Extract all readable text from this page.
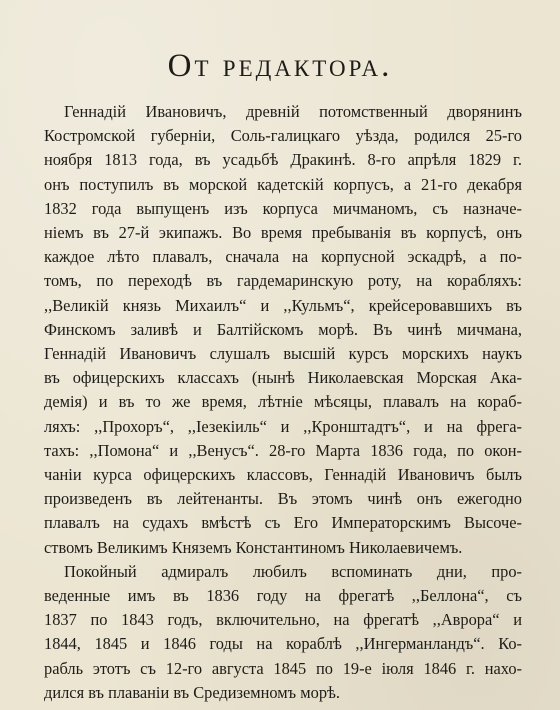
От редактора.
Геннадій Ивановичъ, древній потомственный дворянинъ
Костромской губерніи, Соль-галицкаго уѣзда, родился 25-го
ноября 1813 года, въ усадьбѣ Дракинѣ. 8-го апрѣля 1829 г.
онъ поступилъ въ морской кадетскій корпусъ, а 21-го декабря
1832 года выпущенъ изъ корпуса мичманомъ, съ назначе-
ніемъ въ 27-й экипажъ. Во время пребыванія въ корпусѣ, онъ
каждое лѣто плавалъ, сначала на корпусной эскадрѣ, а по-
томъ, по переходѣ въ гардемаринскую роту, на корабляхъ:
,,Великій князь Михаилъ“ и ,,Кульмъ“, крейсеровавшихъ въ
Финскомъ заливѣ и Балтійскомъ морѣ. Въ чинѣ мичмана,
Геннадій Ивановичъ слушалъ высшій курсъ морскихъ наукъ
въ офицерскихъ классахъ (нынѣ Николаевская Морская Ака-
демія) и въ то же время, лѣтніе мѣсяцы, плавалъ на кораб-
ляхъ: ,,Прохоръ“, ,,Іезекіиль“ и ,,Кронштадтъ“, и на фрега-
тахъ: ,,Помона“ и ,,Венусъ“. 28-го Марта 1836 года, по окон-
чаніи курса офицерскихъ классовъ, Геннадій Ивановичъ былъ
произведенъ въ лейтенанты. Въ этомъ чинѣ онъ ежегодно
плавалъ на судахъ вмѣстѣ съ Его Императорскимъ Высоче-
ствомъ Великимъ Княземъ Константиномъ Николаевичемъ.
Покойный адмиралъ любилъ вспоминать дни, про-
веденные имъ въ 1836 году на фрегатѣ ,,Беллона“, съ
1837 по 1843 годъ, включительно, на фрегатѣ ,,Аврора“ и
1844, 1845 и 1846 годы на кораблѣ ,,Ингерманландъ“. Ко-
рабль этотъ съ 12-го августа 1845 по 19-е іюля 1846 г. нахо-
дился въ плаваніи въ Средиземномъ морѣ.
